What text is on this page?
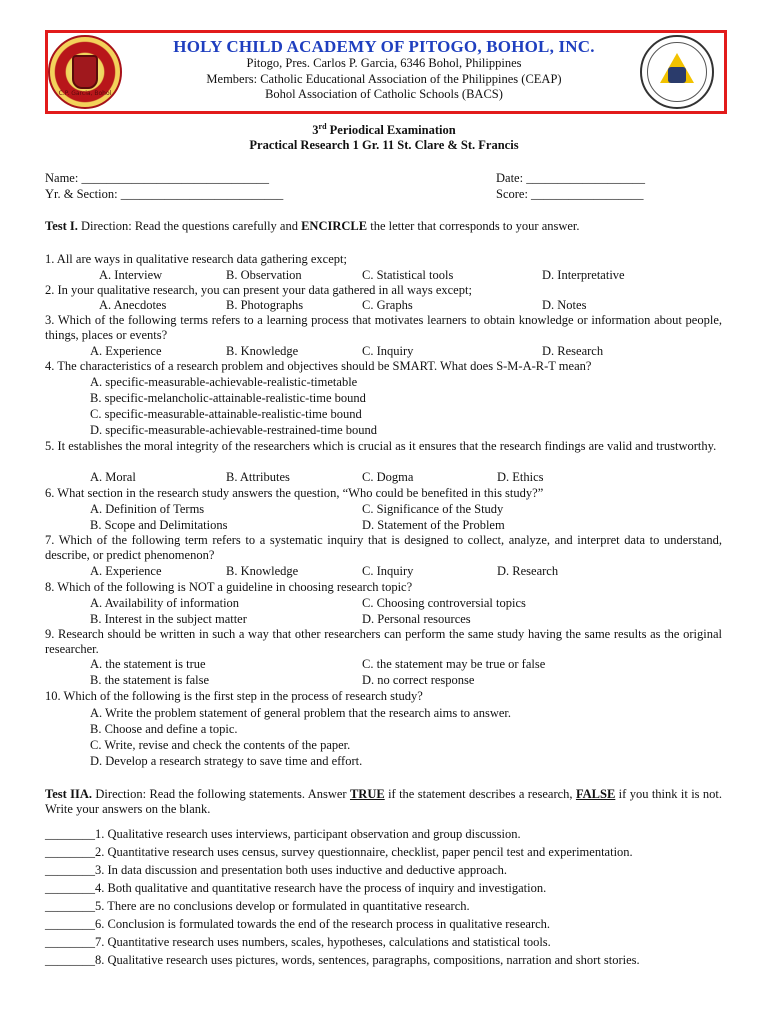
C.P. Garcia, Bohol
HOLY CHILD ACADEMY OF PITOGO, BOHOL, INC.
Pitogo, Pres. Carlos P. Garcia, 6346 Bohol, Philippines
Members: Catholic Educational Association of the Philippines (CEAP)
Bohol Association of Catholic Schools (BACS)
3rd Periodical Examination
Practical Research 1 Gr. 11 St. Clare & St. Francis
Name: ______________________________	Date: ___________________
Yr. & Section: __________________________	Score: __________________
Test I. Direction: Read the questions carefully and ENCIRCLE the letter that corresponds to your answer.
1. All are ways in qualitative research data gathering except;
A. Interview	B. Observation	C. Statistical tools	D. Interpretative
2. In your qualitative research, you can present your data gathered in all ways except;
A. Anecdotes	B. Photographs	C. Graphs	D. Notes
3. Which of the following terms refers to a learning process that motivates learners to obtain knowledge or information about people, things, places or events?
A. Experience	B. Knowledge	C. Inquiry	D. Research
4. The characteristics of a research problem and objectives should be SMART. What does S-M-A-R-T mean?
A. specific-measurable-achievable-realistic-timetable
B. specific-melancholic-attainable-realistic-time bound
C. specific-measurable-attainable-realistic-time bound
D. specific-measurable-achievable-restrained-time bound
5. It establishes the moral integrity of the researchers which is crucial as it ensures that the research findings are valid and trustworthy.
A. Moral	B. Attributes	C. Dogma	D. Ethics
6. What section in the research study answers the question, “Who could be benefited in this study?”
A. Definition of Terms	C. Significance of the Study
B. Scope and Delimitations	D. Statement of the Problem
7. Which of the following term refers to a systematic inquiry that is designed to collect, analyze, and interpret data to understand, describe, or predict phenomenon?
A. Experience	B. Knowledge	C. Inquiry	D. Research
8. Which of the following is NOT a guideline in choosing research topic?
A. Availability of information	C. Choosing controversial topics
B. Interest in the subject matter	D. Personal resources
9. Research should be written in such a way that other researchers can perform the same study having the same results as the original researcher.
A. the statement is true	C. the statement may be true or false
B. the statement is false	D. no correct response
10. Which of the following is the first step in the process of research study?
A. Write the problem statement of general problem that the research aims to answer.
B. Choose and define a topic.
C. Write, revise and check the contents of the paper.
D. Develop a research strategy to save time and effort.
Test IIA. Direction: Read the following statements. Answer TRUE if the statement describes a research, FALSE if you think it is not. Write your answers on the blank.
________1. Qualitative research uses interviews, participant observation and group discussion.
________2. Quantitative research uses census, survey questionnaire, checklist, paper pencil test and experimentation.
________3. In data discussion and presentation both uses inductive and deductive approach.
________4. Both qualitative and quantitative research have the process of inquiry and investigation.
________5. There are no conclusions develop or formulated in quantitative research.
________6. Conclusion is formulated towards the end of the research process in qualitative research.
________7. Quantitative research uses numbers, scales, hypotheses, calculations and statistical tools.
________8. Qualitative research uses pictures, words, sentences, paragraphs, compositions, narration and short stories.
